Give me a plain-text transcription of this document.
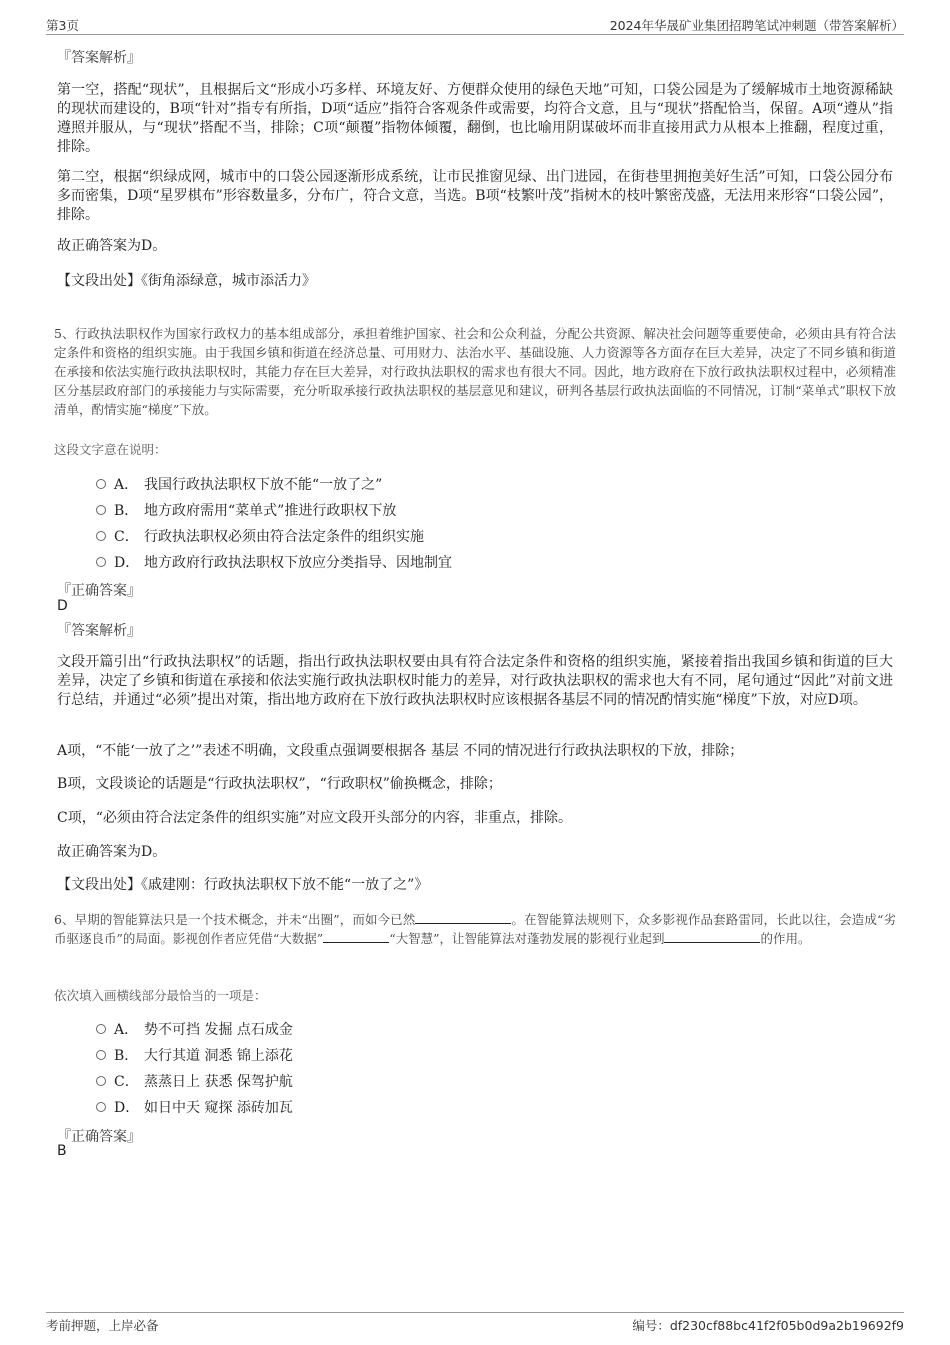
第3页	2024年华晟矿业集团招聘笔试冲刺题（带答案解析）
『答案解析』
第一空，搭配“现状”，且根据后文“形成小巧多样、环境友好、方便群众使用的绿色天地”可知，口袋公园是为了缓解城市土地资源稀缺的现状而建设的，B项“针对”指专有所指，D项“适应”指符合客观条件或需要，均符合文意，且与“现状”搭配恰当，保留。A项“遵从”指遵照并服从，与“现状”搭配不当，排除；C项“颠覆”指物体倾覆，翻倒，也比喻用阴谋破坏而非直接用武力从根本上推翻，程度过重，排除。
第二空，根据“织绿成网，城市中的口袋公园逐渐形成系统，让市民推窗见绿、出门进园，在街巷里拥抱美好生活”可知，口袋公园分布多而密集，D项“星罗棋布”形容数量多，分布广，符合文意，当选。B项“枝繁叶茂”指树木的枝叶繁密茂盛，无法用来形容“口袋公园”，排除。
故正确答案为D。
【文段出处】《街角添绿意，城市添活力》
5、行政执法职权作为国家行政权力的基本组成部分，承担着维护国家、社会和公众利益，分配公共资源、解决社会问题等重要使命，必须由具有符合法定条件和资格的组织实施。由于我国乡镇和街道在经济总量、可用财力、法治水平、基础设施、人力资源等各方面存在巨大差异，决定了不同乡镇和街道在承接和依法实施行政执法职权时，其能力存在巨大差异，对行政执法职权的需求也有很大不同。因此，地方政府在下放行政执法职权过程中，必须精准区分基层政府部门的承接能力与实际需要，充分听取承接行政执法职权的基层意见和建议，研判各基层行政执法面临的不同情况，订制“菜单式”职权下放清单，酌情实施“梯度”下放。
这段文字意在说明：
A． 我国行政执法职权下放不能“一放了之”
B． 地方政府需用“菜单式”推进行政职权下放
C． 行政执法职权必须由符合法定条件的组织实施
D． 地方政府行政执法职权下放应分类指导、因地制宜
『正确答案』
D
『答案解析』
文段开篇引出“行政执法职权”的话题，指出行政执法职权要由具有符合法定条件和资格的组织实施，紧接着指出我国乡镇和街道的巨大差异，决定了乡镇和街道在承接和依法实施行政执法职权时能力的差异，对行政执法职权的需求也大有不同，尾句通过“因此”对前文进行总结，并通过“必须”提出对策，指出地方政府在下放行政执法职权时应该根据各基层不同的情况酌情实施“梯度”下放，对应D项。
A项，“不能‘一放了之’”表述不明确，文段重点强调要根据各 基层 不同的情况进行行政执法职权的下放，排除；
B项，文段谈论的话题是“行政执法职权”，“行政职权”偷换概念，排除；
C项，“必须由符合法定条件的组织实施”对应文段开头部分的内容，非重点，排除。
故正确答案为D。
【文段出处】《戚建刚：行政执法职权下放不能“一放了之”》
6、早期的智能算法只是一个技术概念，并未“出圈”，而如今已然	。在智能算法规则下，众多影视作品套路雷同，长此以往，会造成“劣币驱逐良币”的局面。影视创作者应凭借“大数据”	“大智慧”，让智能算法对蓬勃发展的影视行业起到	的作用。
依次填入画横线部分最恰当的一项是：
A． 势不可挡 发掘 点石成金
B． 大行其道 洞悉 锦上添花
C． 蒸蒸日上 获悉 保驾护航
D． 如日中天 窥探 添砖加瓦
『正确答案』
B
考前押题，上岸必备	编号：df230cf88bc41f2f05b0d9a2b19692f9
